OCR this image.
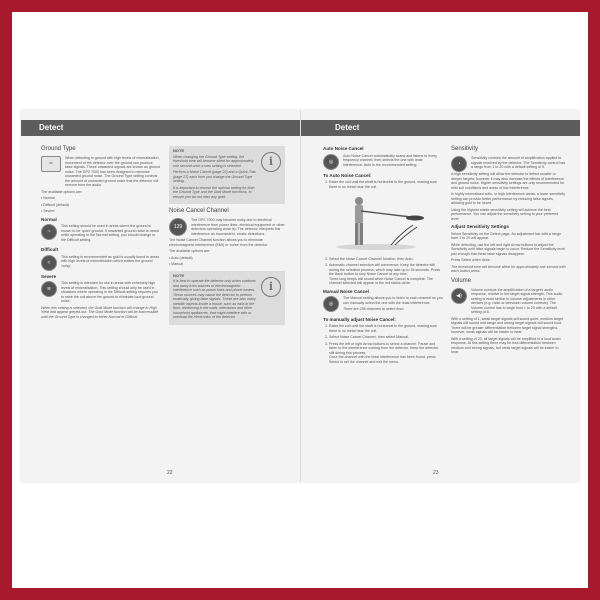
Detect
Ground Type
≈

When detecting in ground with high levels of mineralisation, movement of the detector over the ground can produce false signals. These unwanted signals are known as ground noise. The GPZ 7000 has been designed to minimise unwanted ground noise. The Ground Type setting controls the amount of unwanted ground noise that the detector will remove from the audio.

The available options are:

• Normal

• Difficult (default)

• Severe

Normal
~

This setting should be used in areas where the ground is known to be 'quiet' ground. If unwanted ground noise is heard while operating in the Normal setting, you should change to the Difficult setting.

Difficult
≈

This setting is recommended as gold is usually found in areas with high levels of mineralisation which makes the ground 'noisy'.

Severe
≋

This setting is intended for use in areas with extremely high levels of mineralisation. This setting should only be used in situations where operating in the Difficult setting requires you to raise the coil above the ground to eliminate loud ground noise.

When this setting is selected, the Gold Mode function will change to High Yield and appear greyed-out. The Gold Mode function will be inaccessible until the Ground Type is changed to either Normal or Difficult.

NOTE

When changing the Ground Type setting, the threshold tone will become silent for approximately one second once a new setting is selected.

Perform a Noise Cancel (page 23) and a Quick-Trak (page 27) each time you change the Ground Type setting.

It is important to choose the optimal setting for both the Ground Type and the Gold Mode functions, to ensure you do not miss any gold.

i
Noise Cancel Channel
129

The GPZ 7000 may become noisy due to electrical interference from power lines, electrical equipment or other detectors operating close by. The detector interprets this interference as inconsistent, erratic detections.

The Noise Cancel Channel function allows you to eliminate electromagnetic interference (EMI) or 'noise' from the detector.

The available options are:

• Auto (default)

• Manual

NOTE

It is best to operate the detector only when outdoors and away from sources of electromagnetic interference such as power lines and phone towers. These sources may cause the detector to perform erratically, giving false signals. These are also many metallic objects inside a house, such as nails in the floor, reinforcing in the walls, televisions and other household appliances, that might interfere with or overload the electronics of the detector.

i
22
Detect
Auto Noise Cancel
◎

Auto Noise Cancel automatically scans and listens to every frequency channel, then selects the one with least interference. Auto is the recommended setting.

To Auto Noise Cancel:
1. Raise the coil until the shaft is horizontal to the ground, making sure there is no metal near the coil.
2. Select the Noise Cancel Channel function, then Auto.
3. Automatic channel selection will commence. Keep the detector still during the selection process, which may take up to 35 seconds. Press the Back button to stop Noise Cancel at any time.
Three long beeps will sound when Noise Cancel is complete. The channel selected will appear in the red status circle.
Manual Noise Cancel
◎

The Manual setting allows you to listen to each channel so you can manually select the one with the least interference.

There are 256 channels to select from.

To manually adjust Noise Cancel:
1. Raise the coil until the shaft is horizontal to the ground, making sure there is no metal near the coil.
2. Select Noise Cancel Channel, then select Manual.
3. Press the left or right Arrow buttons to select a channel. Pause and listen to the interference coming from the detector. Keep the detector still during this process.
Once the channel with the least interference has been found, press Select to set the channel and exit the menu.
Sensitivity
◔

Sensitivity controls the amount of amplification applied to signals received by the detector. The Sensitivity control has a range from 1 to 20 with a default setting of 9.

A high sensitivity setting will allow the detector to detect smaller or deeper targets; however it may also increase the effects of interference and ground noise. Higher sensitivity settings are only recommended for mild soil conditions and areas of low interference.

In highly mineralised soils, or high interference areas, a lower sensitivity setting can provide better performance by reducing false signals, allowing gold to be heard.

Using the highest stable sensitivity setting will achieve the best performance. You can adjust the sensitivity setting to your preferred level.

Adjust Sensitivity Settings

Select Sensitivity on the Detect page. An adjustment bar with a range from 1 to 20 will appear.

While detecting, use the left and right Arrow buttons to adjust the Sensitivity until false signals begin to occur. Reduce the Sensitivity level just enough that these false signals disappear.

Press Select when done.

The threshold tone will become silent for approximately one second with each button press.

Volume
◀)

Volume controls the amplification of a target's audio response, relative to the target signal strength. This audio setting is most similar to volume adjustments in other devices (e.g. radio or television volume controls). The Volume control has a range from 1 to 20 with a default setting of 8.

With a setting of 1, weak target signals will sound quiet, medium target signals will sound mid-range and strong target signals will sound loud. There will be greater differentiation between target signal strengths, however, weak signals will be harder to hear.

With a setting of 20, all target signals will be amplified to a loud audio response. At this setting there may be less differentiation between medium and strong signals, but weak target signals will be easier to hear.

23
